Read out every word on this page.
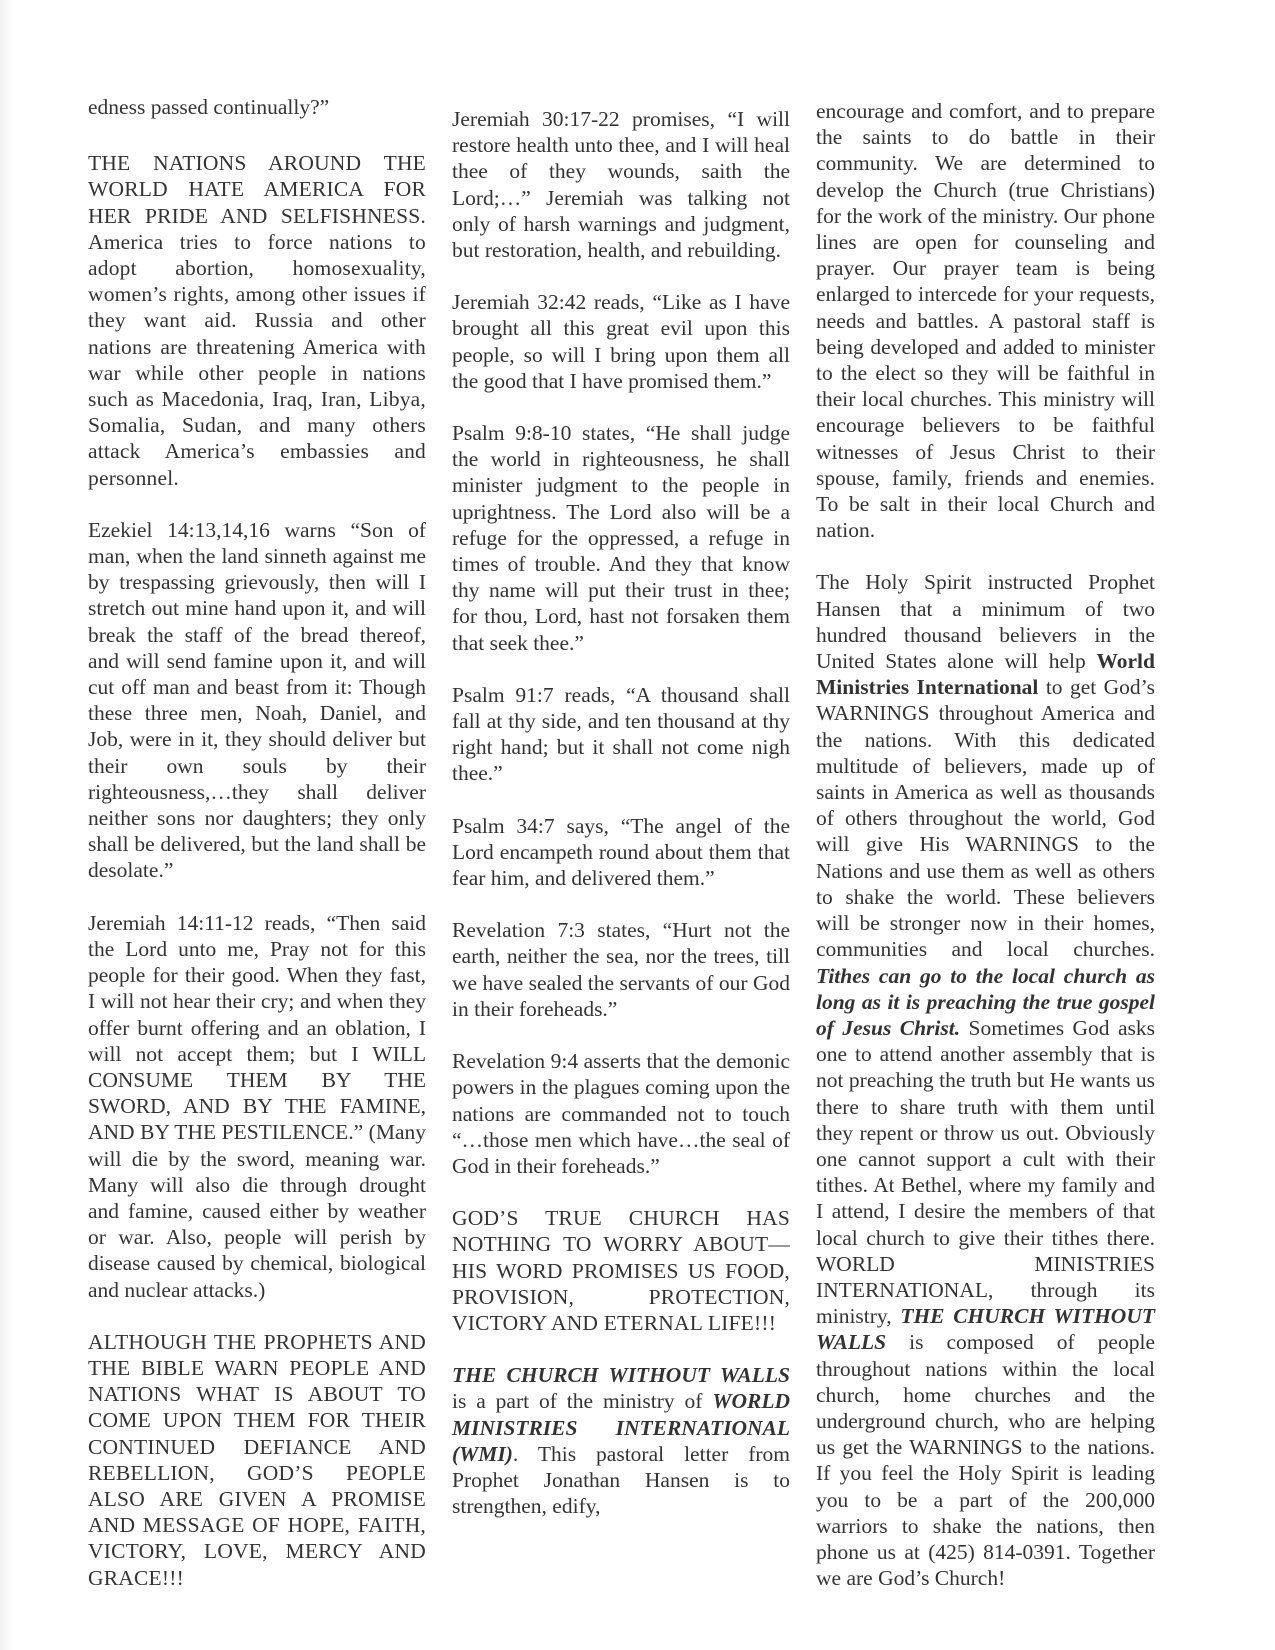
edness passed continually?”

THE NATIONS AROUND THE WORLD HATE AMERICA FOR HER PRIDE AND SELFISHNESS. America tries to force nations to adopt abortion, homosexuality, women’s rights, among other issues if they want aid. Russia and other nations are threatening America with war while other people in nations such as Macedonia, Iraq, Iran, Libya, Somalia, Sudan, and many others attack America’s embassies and personnel.

Ezekiel 14:13,14,16 warns “Son of man, when the land sinneth against me by trespassing grievously, then will I stretch out mine hand upon it, and will break the staff of the bread thereof, and will send famine upon it, and will cut off man and beast from it: Though these three men, Noah, Daniel, and Job, were in it, they should deliver but their own souls by their righteousness,…they shall deliver neither sons nor daughters; they only shall be delivered, but the land shall be desolate.”

Jeremiah 14:11-12 reads, “Then said the Lord unto me, Pray not for this people for their good. When they fast, I will not hear their cry; and when they offer burnt offering and an oblation, I will not accept them; but I WILL CONSUME THEM BY THE SWORD, AND BY THE FAMINE, AND BY THE PESTILENCE.” (Many will die by the sword, meaning war. Many will also die through drought and famine, caused either by weather or war. Also, people will perish by disease caused by chemical, biological and nuclear attacks.)

ALTHOUGH THE PROPHETS AND THE BIBLE WARN PEOPLE AND NATIONS WHAT IS ABOUT TO COME UPON THEM FOR THEIR CONTINUED DEFIANCE AND REBELLION, GOD’S PEOPLE ALSO ARE GIVEN A PROMISE AND MESSAGE OF HOPE, FAITH, VICTORY, LOVE, MERCY AND GRACE!!!

Jeremiah 30:17-22 promises, “I will restore health unto thee, and I will heal thee of they wounds, saith the Lord;…” Jeremiah was talking not only of harsh warnings and judgment, but restoration, health, and rebuilding.

Jeremiah 32:42 reads, “Like as I have brought all this great evil upon this people, so will I bring upon them all the good that I have promised them.”

Psalm 9:8-10 states, “He shall judge the world in righteousness, he shall minister judgment to the people in uprightness. The Lord also will be a refuge for the oppressed, a refuge in times of trouble. And they that know thy name will put their trust in thee; for thou, Lord, hast not forsaken them that seek thee.”

Psalm 91:7 reads, “A thousand shall fall at thy side, and ten thousand at thy right hand; but it shall not come nigh thee.”

Psalm 34:7 says, “The angel of the Lord encampeth round about them that fear him, and delivered them.”

Revelation 7:3 states, “Hurt not the earth, neither the sea, nor the trees, till we have sealed the servants of our God in their foreheads.”

Revelation 9:4 asserts that the demonic powers in the plagues coming upon the nations are commanded not to touch “…those men which have…the seal of God in their foreheads.”

GOD’S TRUE CHURCH HAS NOTHING TO WORRY ABOUT—HIS WORD PROMISES US FOOD, PROVISION, PROTECTION, VICTORY AND ETERNAL LIFE!!!

THE CHURCH WITHOUT WALLS is a part of the ministry of WORLD MINISTRIES INTERNATIONAL (WMI). This pastoral letter from Prophet Jonathan Hansen is to strengthen, edify,

encourage and comfort, and to prepare the saints to do battle in their community. We are determined to develop the Church (true Christians) for the work of the ministry. Our phone lines are open for counseling and prayer. Our prayer team is being enlarged to intercede for your requests, needs and battles. A pastoral staff is being developed and added to minister to the elect so they will be faithful in their local churches. This ministry will encourage believers to be faithful witnesses of Jesus Christ to their spouse, family, friends and enemies. To be salt in their local Church and nation.

The Holy Spirit instructed Prophet Hansen that a minimum of two hundred thousand believers in the United States alone will help World Ministries International to get God’s WARNINGS throughout America and the nations. With this dedicated multitude of believers, made up of saints in America as well as thousands of others throughout the world, God will give His WARNINGS to the Nations and use them as well as others to shake the world. These believers will be stronger now in their homes, communities and local churches. Tithes can go to the local church as long as it is preaching the true gospel of Jesus Christ. Sometimes God asks one to attend another assembly that is not preaching the truth but He wants us there to share truth with them until they repent or throw us out. Obviously one cannot support a cult with their tithes. At Bethel, where my family and I attend, I desire the members of that local church to give their tithes there. WORLD MINISTRIES INTERNATIONAL, through its ministry, THE CHURCH WITHOUT WALLS is composed of people throughout nations within the local church, home churches and the underground church, who are helping us get the WARNINGS to the nations. If you feel the Holy Spirit is leading you to be a part of the 200,000 warriors to shake the nations, then phone us at (425) 814-0391. Together we are God’s Church!
